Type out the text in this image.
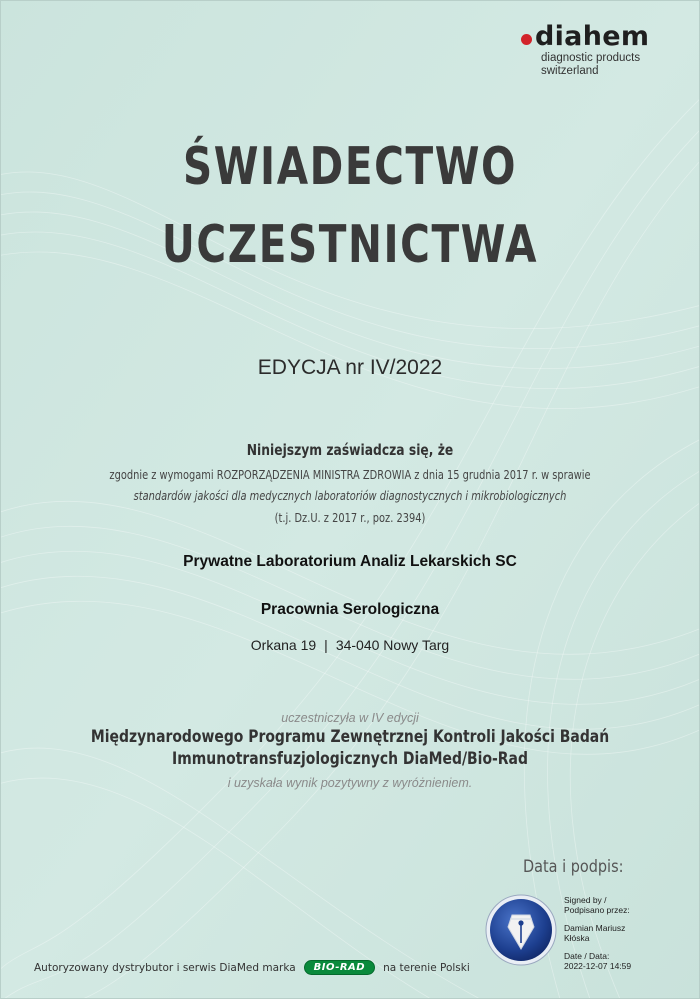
diahem
diagnostic products
switzerland
ŚWIADECTWO
UCZESTNICTWA
EDYCJA nr IV/2022
Niniejszym zaświadcza się, że
zgodnie z wymogami ROZPORZĄDZENIA MINISTRA ZDROWIA z dnia 15 grudnia 2017 r. w sprawie
standardów jakości dla medycznych laboratoriów diagnostycznych i mikrobiologicznych
(t.j. Dz.U. z 2017 r., poz. 2394)
Prywatne Laboratorium Analiz Lekarskich SC
Pracownia Serologiczna
Orkana 19 | 34-040 Nowy Targ
uczestniczyła w IV edycji
Międzynarodowego Programu Zewnętrznej Kontroli Jakości Badań
Immunotransfuzjologicznych DiaMed/Bio-Rad
i uzyskała wynik pozytywny z wyróżnieniem.
Data i podpis:
Signed by /
Podpisano przez:
Damian Mariusz
Kłóska
Date / Data:
2022-12-07 14:59
Autoryzowany dystrybutor i serwis DiaMed marka	BIO-RAD	na terenie Polski
